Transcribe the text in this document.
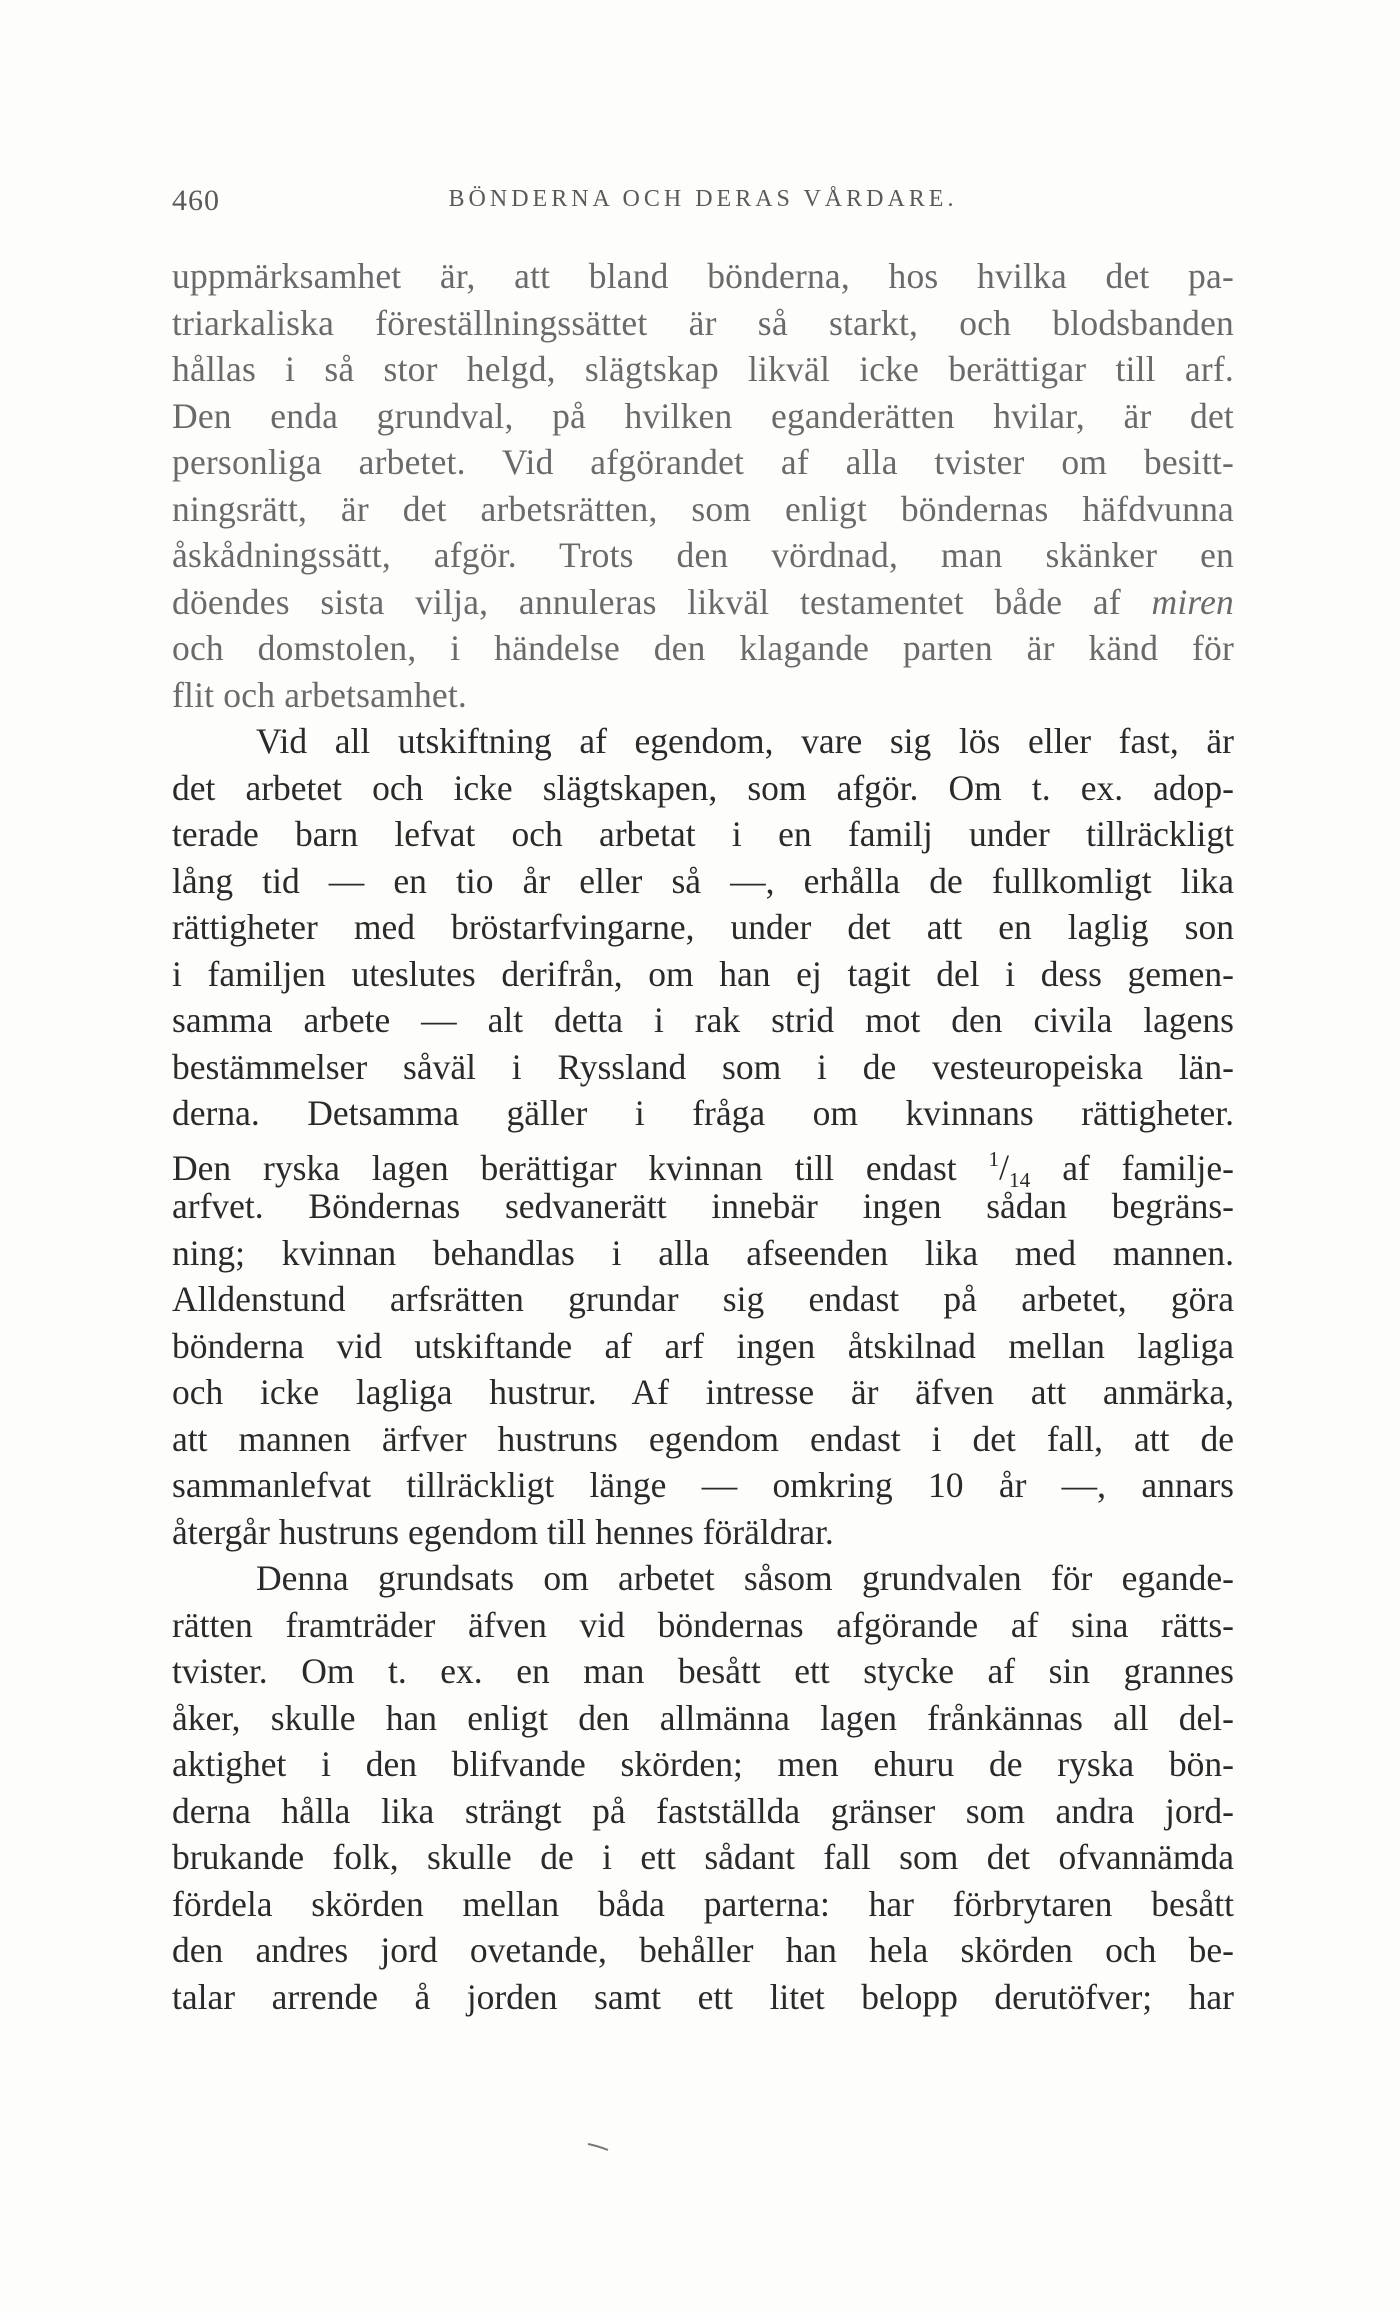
460	BÖNDERNA OCH DERAS VÅRDARE.
uppmärksamhet är, att bland bönderna, hos hvilka det pa-
triarkaliska föreställningssättet är så starkt, och blodsbanden
hållas i så stor helgd, slägtskap likväl icke berättigar till arf.
Den enda grundval, på hvilken eganderätten hvilar, är det
personliga arbetet. Vid afgörandet af alla tvister om besitt-
ningsrätt, är det arbetsrätten, som enligt böndernas häfdvunna
åskådningssätt, afgör. Trots den vördnad, man skänker en
döendes sista vilja, annuleras likväl testamentet både af miren
och domstolen, i händelse den klagande parten är känd för
flit och arbetsamhet.
Vid all utskiftning af egendom, vare sig lös eller fast, är
det arbetet och icke slägtskapen, som afgör. Om t. ex. adop-
terade barn lefvat och arbetat i en familj under tillräckligt
lång tid — en tio år eller så —, erhålla de fullkomligt lika
rättigheter med bröstarfvingarne, under det att en laglig son
i familjen uteslutes derifrån, om han ej tagit del i dess gemen-
samma arbete — alt detta i rak strid mot den civila lagens
bestämmelser såväl i Ryssland som i de vesteuropeiska län-
derna. Detsamma gäller i fråga om kvinnans rättigheter.
Den ryska lagen berättigar kvinnan till endast $^1/_{14}$ af familje-
arfvet. Böndernas sedvanerätt innebär ingen sådan begräns-
ning; kvinnan behandlas i alla afseenden lika med mannen.
Alldenstund arfsrätten grundar sig endast på arbetet, göra
bönderna vid utskiftande af arf ingen åtskilnad mellan lagliga
och icke lagliga hustrur. Af intresse är äfven att anmärka,
att mannen ärfver hustruns egendom endast i det fall, att de
sammanlefvat tillräckligt länge — omkring 10 år —, annars
återgår hustruns egendom till hennes föräldrar.
Denna grundsats om arbetet såsom grundvalen för egande-
rätten framträder äfven vid böndernas afgörande af sina rätts-
tvister. Om t. ex. en man besått ett stycke af sin grannes
åker, skulle han enligt den allmänna lagen frånkännas all del-
aktighet i den blifvande skörden; men ehuru de ryska bön-
derna hålla lika strängt på fastställda gränser som andra jord-
brukande folk, skulle de i ett sådant fall som det ofvannämda
fördela skörden mellan båda parterna: har förbrytaren besått
den andres jord ovetande, behåller han hela skörden och be-
talar arrende å jorden samt ett litet belopp derutöfver; har
